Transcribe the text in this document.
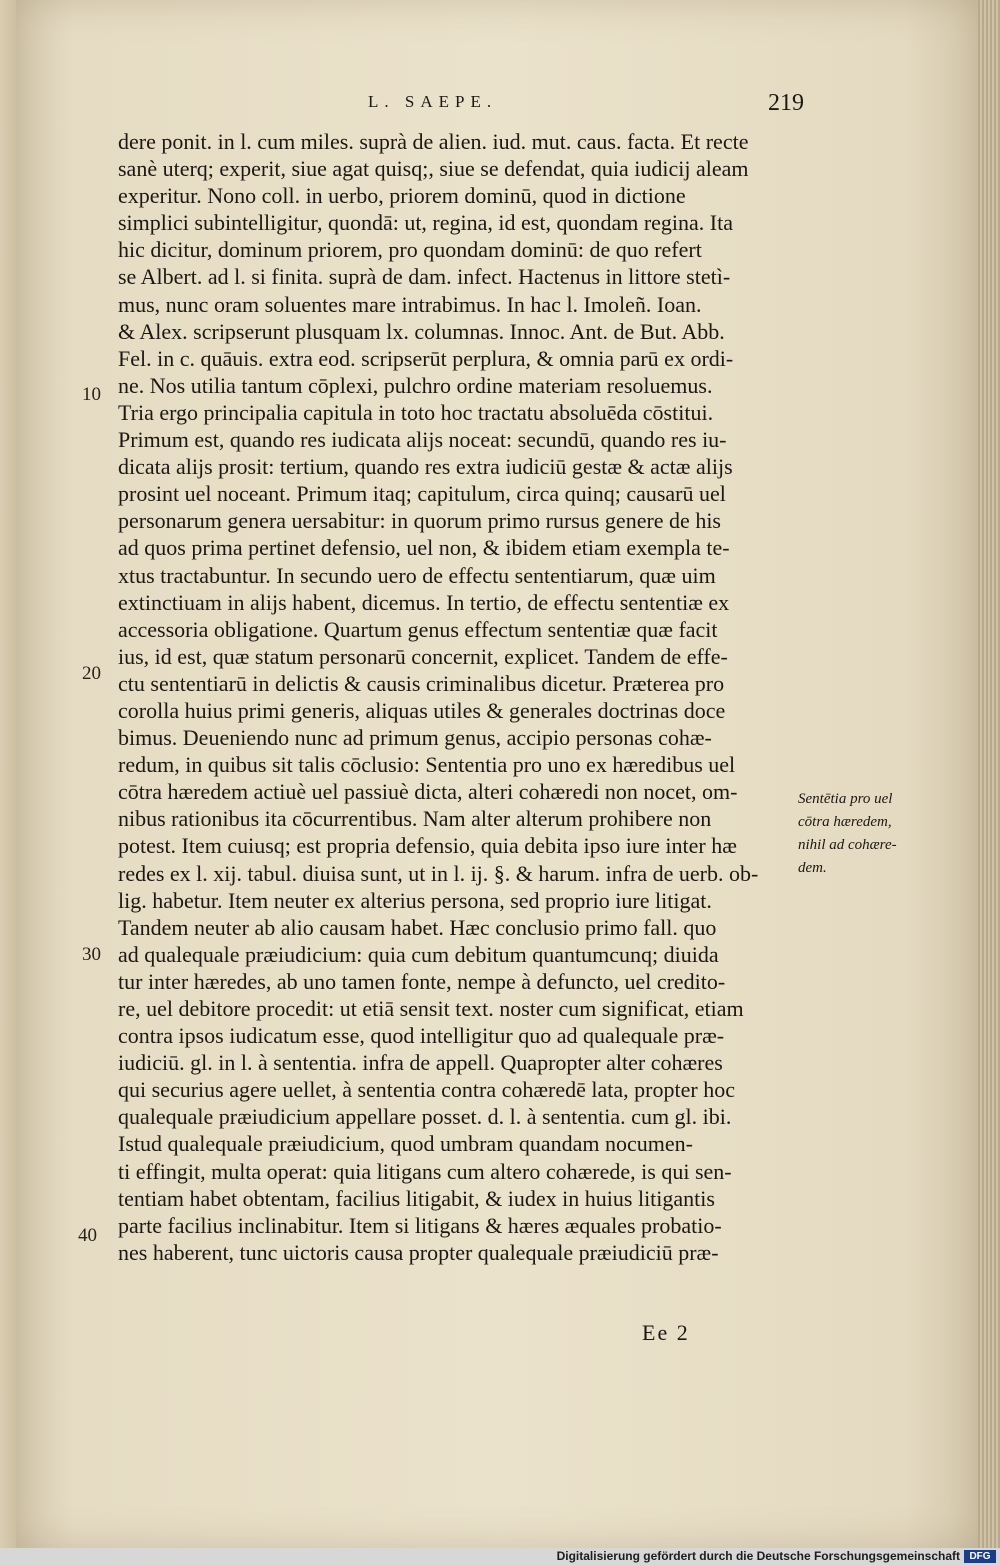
L. SAEPE.	219
dere ponit. in l. cum miles. suprà de alien. iud. mut. caus. facta. Et recte
sanè uterq; experit, siue agat quisq;, siue se defendat, quia iudicij aleam
experitur. Nono coll. in uerbo, priorem dominū, quod in dictione
simplici subintelligitur, quondā: ut, regina, id est, quondam regina. Ita
hic dicitur, dominum priorem, pro quondam dominū: de quo refert
se Albert. ad l. si finita. suprà de dam. infect. Hactenus in littore stetì-
mus, nunc oram soluentes mare intrabimus. In hac l. Imoleñ. Ioan.
& Alex. scripserunt plusquam lx. columnas. Innoc. Ant. de But. Abb.
Fel. in c. quāuis. extra eod. scripserūt perplura, & omnia parū ex ordi-
ne. Nos utilia tantum cōplexi, pulchro ordine materiam resoluemus.
Tria ergo principalia capitula in toto hoc tractatu absoluēda cōstitui.
Primum est, quando res iudicata alijs noceat: secundū, quando res iu-
dicata alijs prosit: tertium, quando res extra iudiciū gestæ & actæ alijs
prosint uel noceant. Primum itaq; capitulum, circa quinq; causarū uel
personarum genera uersabitur: in quorum primo rursus genere de his
ad quos prima pertinet defensio, uel non, & ibidem etiam exempla te-
xtus tractabuntur. In secundo uero de effectu sententiarum, quæ uim
extinctiuam in alijs habent, dicemus. In tertio, de effectu sententiæ ex
accessoria obligatione. Quartum genus effectum sententiæ quæ facit
ius, id est, quæ statum personarū concernit, explicet. Tandem de effe-
ctu sententiarū in delictis & causis criminalibus dicetur. Præterea pro
corolla huius primi generis, aliquas utiles & generales doctrinas doce
bimus. Deueniendo nunc ad primum genus, accipio personas cohæ-
redum, in quibus sit talis cōclusio: Sententia pro uno ex hæredibus uel
cōtra hæredem actiuè uel passiuè dicta, alteri cohæredi non nocet, om-
nibus rationibus ita cōcurrentibus. Nam alter alterum prohibere non
potest. Item cuiusq; est propria defensio, quia debita ipso iure inter hæ
redes ex l. xij. tabul. diuisa sunt, ut in l. ij. §. & harum. infra de uerb. ob-
lig. habetur. Item neuter ex alterius persona, sed proprio iure litigat.
Tandem neuter ab alio causam habet. Hæc conclusio primo fall. quo
ad qualequale præiudicium: quia cum debitum quantumcunq; diuida
tur inter hæredes, ab uno tamen fonte, nempe à defuncto, uel credito-
re, uel debitore procedit: ut etiā sensit text. noster cum significat, etiam
contra ipsos iudicatum esse, quod intelligitur quo ad qualequale præ-
iudiciū. gl. in l. à sententia. infra de appell. Quapropter alter cohæres
qui securius agere uellet, à sententia contra cohæredē lata, propter hoc
qualequale præiudicium appellare posset. d. l. à sententia. cum gl. ibi.
Istud qualequale præiudicium, quod umbram quandam nocumen-
ti effingit, multa operat: quia litigans cum altero cohærede, is qui sen-
tentiam habet obtentam, facilius litigabit, & iudex in huius litigantis
parte facilius inclinabitur. Item si litigans & hæres æquales probatio-
nes haberent, tunc uictoris causa propter qualequale præiudiciū præ-
10
20
30
40
Sentētia pro uel
cōtra hæredem,
nihil ad cohære-
dem.
Ee 2
Digitalisierung gefördert durch die Deutsche Forschungsgemeinschaft DFG
